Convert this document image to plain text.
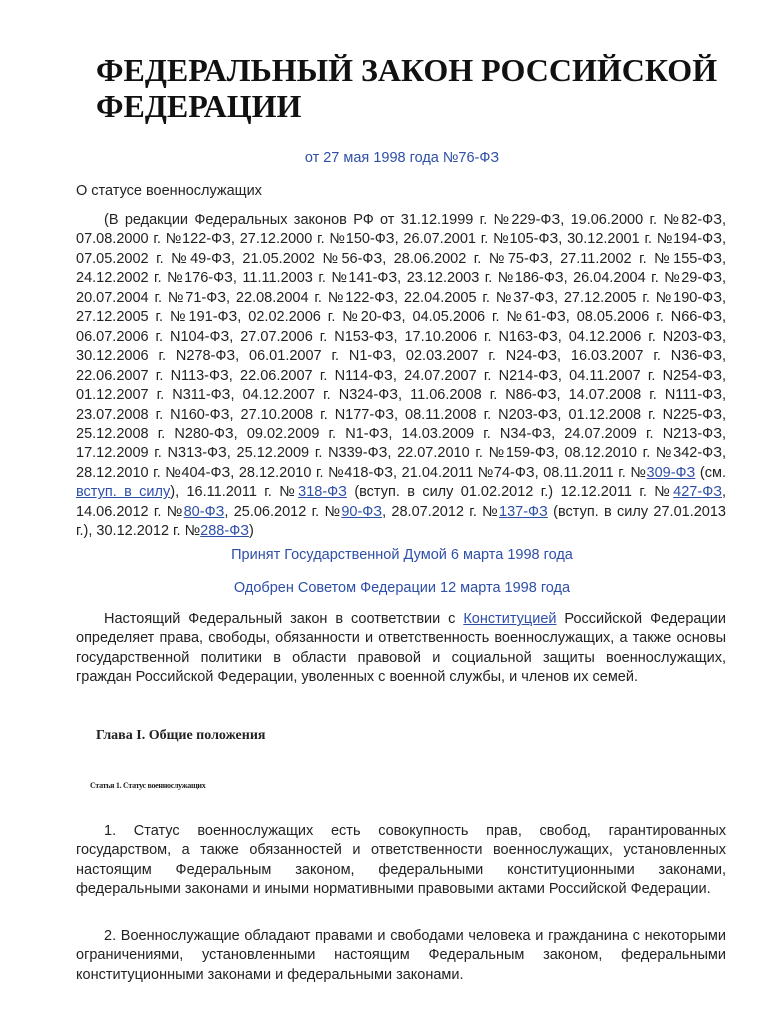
ФЕДЕРАЛЬНЫЙ ЗАКОН РОССИЙСКОЙ ФЕДЕРАЦИИ

от 27 мая 1998 года №76-ФЗ

О статусе военнослужащих

(В редакции Федеральных законов РФ от 31.12.1999 г. №229-ФЗ, 19.06.2000 г. №82-ФЗ, 07.08.2000 г. №122-ФЗ, 27.12.2000 г. №150-ФЗ, 26.07.2001 г. №105-ФЗ, 30.12.2001 г. №194-ФЗ, 07.05.2002 г. №49-ФЗ, 21.05.2002 №56-ФЗ, 28.06.2002 г. №75-ФЗ, 27.11.2002 г. №155-ФЗ, 24.12.2002 г. №176-ФЗ, 11.11.2003 г. №141-ФЗ, 23.12.2003 г. №186-ФЗ, 26.04.2004 г. №29-ФЗ, 20.07.2004 г. №71-ФЗ, 22.08.2004 г. №122-ФЗ, 22.04.2005 г. №37-ФЗ, 27.12.2005 г. №190-ФЗ, 27.12.2005 г. №191-ФЗ, 02.02.2006 г. №20-ФЗ, 04.05.2006 г. №61-ФЗ, 08.05.2006 г. N66-ФЗ, 06.07.2006 г. N104-ФЗ, 27.07.2006 г. N153-ФЗ, 17.10.2006 г. N163-ФЗ, 04.12.2006 г. N203-ФЗ, 30.12.2006 г. N278-ФЗ, 06.01.2007 г. N1-ФЗ, 02.03.2007 г. N24-ФЗ, 16.03.2007 г. N36-ФЗ, 22.06.2007 г. N113-ФЗ, 22.06.2007 г. N114-ФЗ, 24.07.2007 г. N214-ФЗ, 04.11.2007 г. N254-ФЗ, 01.12.2007 г. N311-ФЗ, 04.12.2007 г. N324-ФЗ, 11.06.2008 г. N86-ФЗ, 14.07.2008 г. N111-ФЗ, 23.07.2008 г. N160-ФЗ, 27.10.2008 г. N177-ФЗ, 08.11.2008 г. N203-ФЗ, 01.12.2008 г. N225-ФЗ, 25.12.2008 г. N280-ФЗ, 09.02.2009 г. N1-ФЗ, 14.03.2009 г. N34-ФЗ, 24.07.2009 г. N213-ФЗ, 17.12.2009 г. N313-ФЗ, 25.12.2009 г. N339-ФЗ, 22.07.2010 г. №159-ФЗ, 08.12.2010 г. №342-ФЗ, 28.12.2010 г. №404-ФЗ, 28.12.2010 г. №418-ФЗ, 21.04.2011 №74-ФЗ, 08.11.2011 г. №309-ФЗ (см. вступ. в силу), 16.11.2011 г. №318-ФЗ (вступ. в силу 01.02.2012 г.) 12.12.2011 г. №427-ФЗ, 14.06.2012 г. №80-ФЗ, 25.06.2012 г. №90-ФЗ, 28.07.2012 г. №137-ФЗ (вступ. в силу 27.01.2013 г.), 30.12.2012 г. №288-ФЗ)

Принят Государственной Думой 6 марта 1998 года

Одобрен Советом Федерации 12 марта 1998 года

Настоящий Федеральный закон в соответствии с Конституцией Российской Федерации определяет права, свободы, обязанности и ответственность военнослужащих, а также основы государственной политики в области правовой и социальной защиты военнослужащих, граждан Российской Федерации, уволенных с военной службы, и членов их семей.

Глава I. Общие положения

Статья 1. Статус военнослужащих

1. Статус военнослужащих есть совокупность прав, свобод, гарантированных государством, а также обязанностей и ответственности военнослужащих, установленных настоящим Федеральным законом, федеральными конституционными законами, федеральными законами и иными нормативными правовыми актами Российской Федерации.

2. Военнослужащие обладают правами и свободами человека и гражданина с некоторыми ограничениями, установленными настоящим Федеральным законом, федеральными конституционными законами и федеральными законами.
